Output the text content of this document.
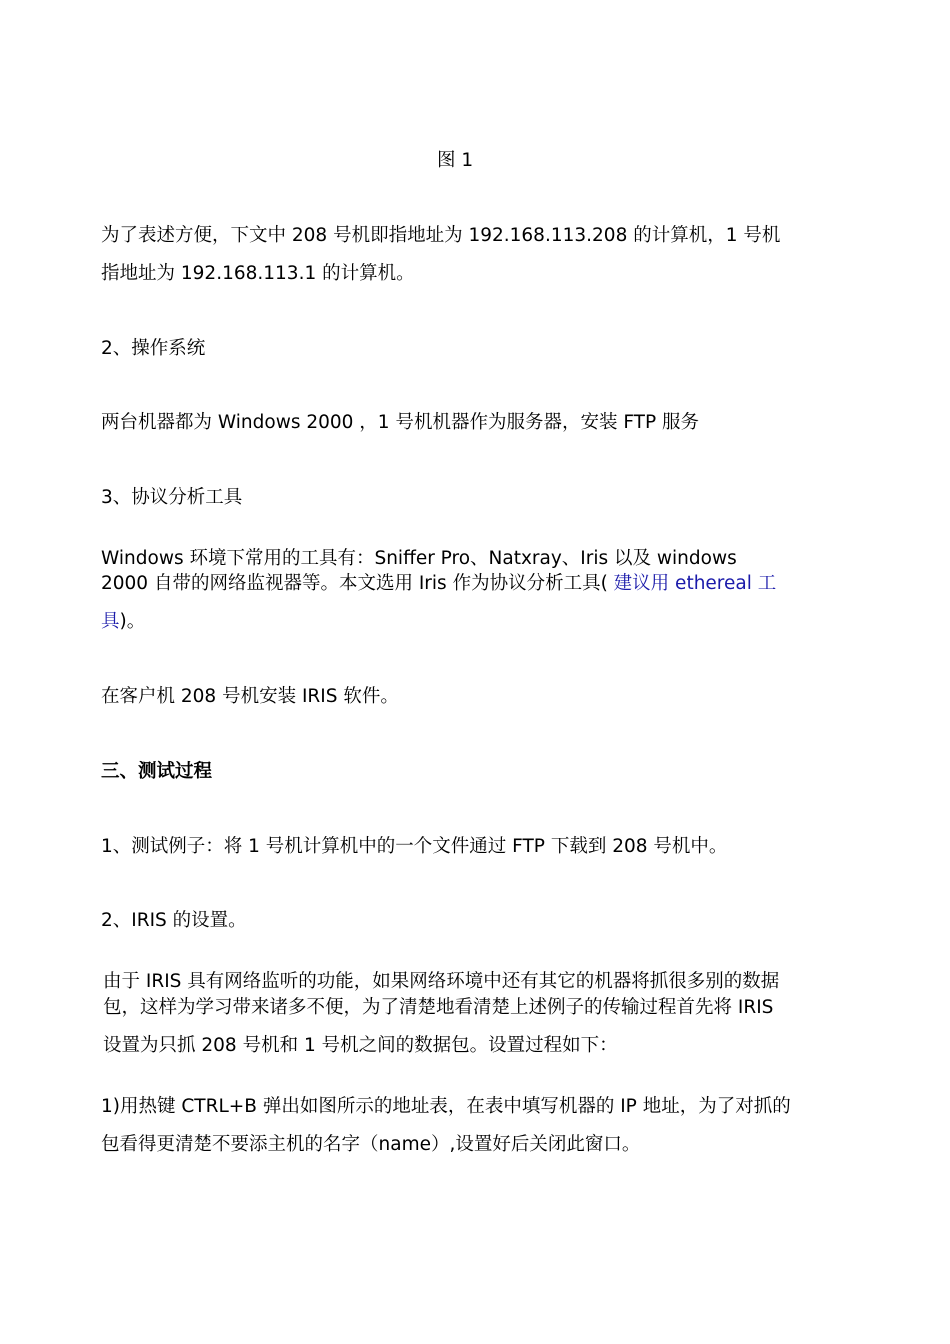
图 1
为了表述方便，下文中 208 号机即指地址为 192.168.113.208 的计算机，1 号机
指地址为 192.168.113.1 的计算机。
2、操作系统
两台机器都为 Windows 2000 ，1 号机机器作为服务器，安装 FTP 服务
3、协议分析工具
Windows 环境下常用的工具有：Sniffer Pro、Natxray、Iris 以及 windows
2000 自带的网络监视器等。本文选用 Iris 作为协议分析工具( 建议用 ethereal 工
具)。
在客户机 208 号机安装 IRIS 软件。
三、测试过程
1、测试例子：将 1 号机计算机中的一个文件通过 FTP 下载到 208 号机中。
2、IRIS 的设置。
由于 IRIS 具有网络监听的功能，如果网络环境中还有其它的机器将抓很多别的数据
包，这样为学习带来诸多不便，为了清楚地看清楚上述例子的传输过程首先将 IRIS
设置为只抓 208 号机和 1 号机之间的数据包。设置过程如下：
1)用热键 CTRL+B 弹出如图所示的地址表，在表中填写机器的 IP 地址，为了对抓的
包看得更清楚不要添主机的名字（name）,设置好后关闭此窗口。
